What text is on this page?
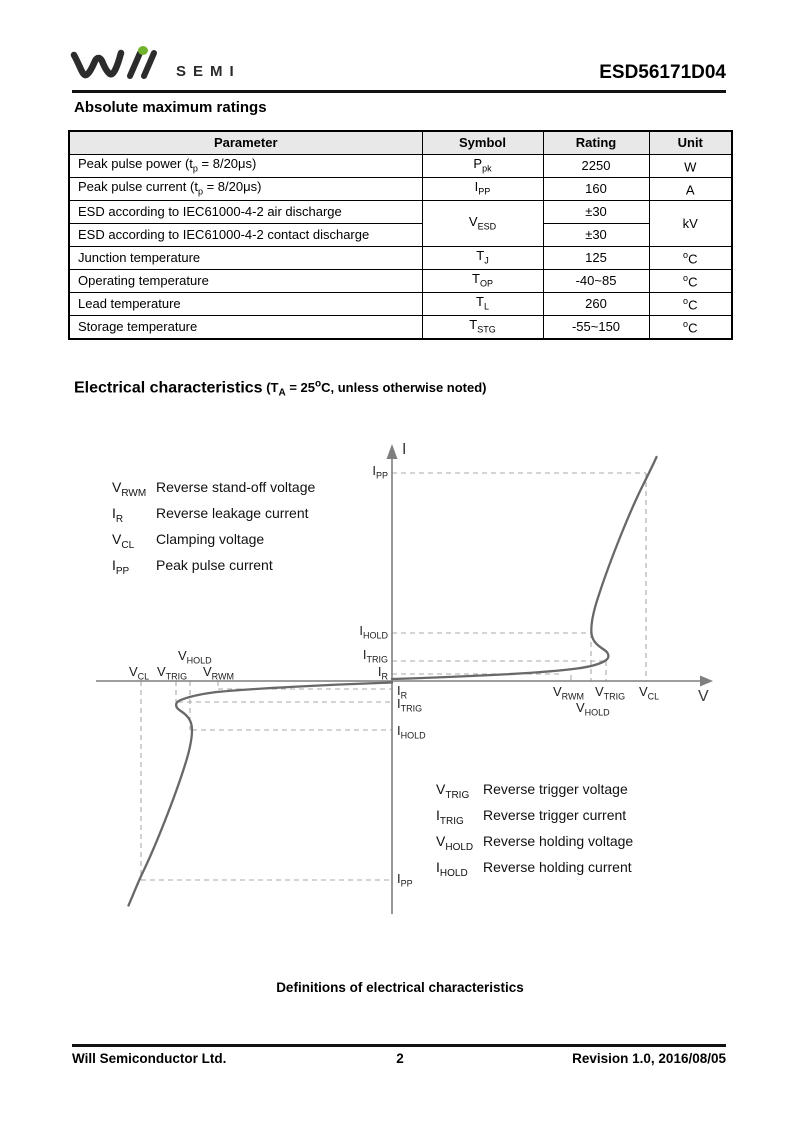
SEMI	ESD56171D04
Absolute maximum ratings
Parameter	Symbol	Rating	Unit
Peak pulse power $(t_p = 8/20\mu s)$	$P_{pk}$	2250	W
Peak pulse current $(t_p = 8/20\mu s)$	$I_{PP}$	160	A
ESD according to IEC61000-4-2 air discharge	$V_{ESD}$	±30	kV
ESD according to IEC61000-4-2 contact discharge		±30	
Junction temperature	$T_J$	125	$^o$C
Operating temperature	$T_{OP}$	-40~85	$^o$C
Lead temperature	$T_L$	260	$^o$C
Storage temperature	$T_{STG}$	-55~150	$^o$C
Electrical characteristics ($T_A = 25^oC$, unless otherwise noted)
I
V
$I_{PP}$
$I_{HOLD}$
$I_{TRIG}$
$I_R$
$I_R$
$I_{TRIG}$
$I_{HOLD}$
$I_{PP}$
$V_{CL}$ $V_{TRIG}$
$V_{HOLD}$
$V_{RWM}$
$V_{RWM}$ $V_{TRIG}$ $V_{CL}$
$V_{HOLD}$
$V_{RWM}$ Reverse stand-off voltage
$I_R$ Reverse leakage current
$V_{CL}$ Clamping voltage
$I_{PP}$ Peak pulse current
$V_{TRIG}$ Reverse trigger voltage
$I_{TRIG}$ Reverse trigger current
$V_{HOLD}$ Reverse holding voltage
$I_{HOLD}$ Reverse holding current
Definitions of electrical characteristics
Will Semiconductor Ltd.	2	Revision 1.0, 2016/08/05
